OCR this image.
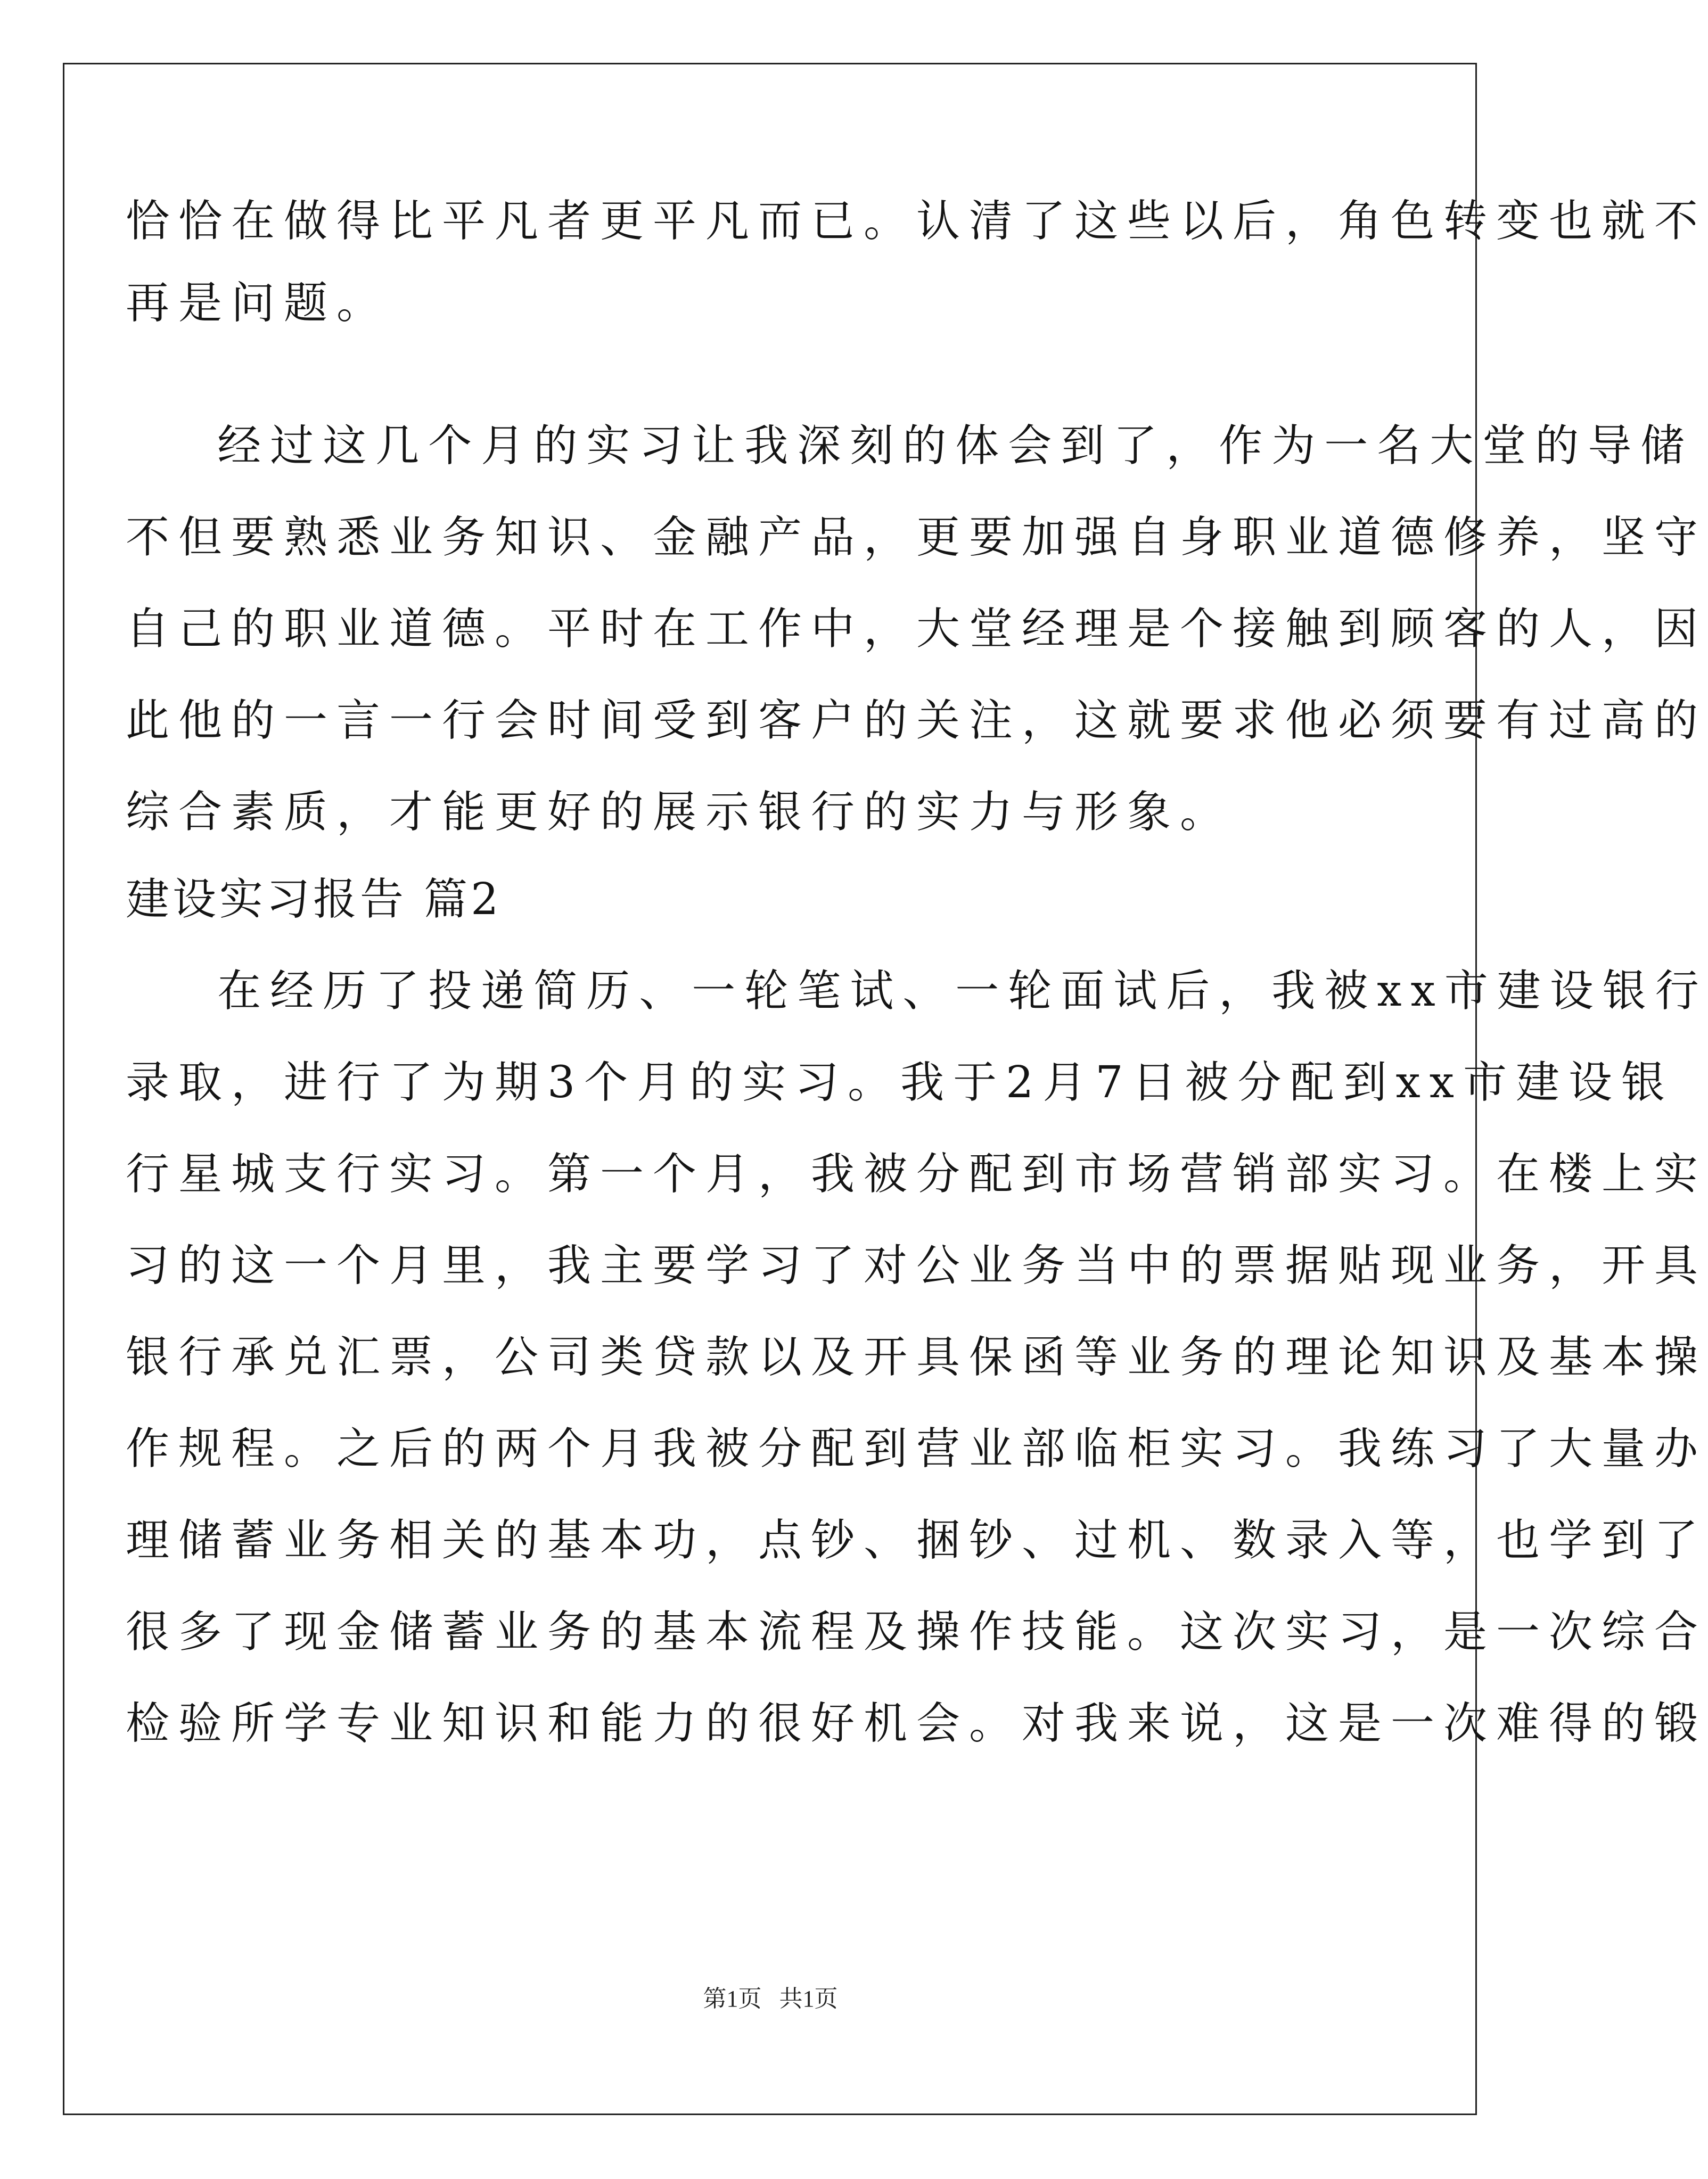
恰恰在做得比平凡者更平凡而已。认清了这些以后，角色转变也就不
再是问题。
经过这几个月的实习让我深刻的体会到了，作为一名大堂的导储
不但要熟悉业务知识、金融产品，更要加强自身职业道德修养，坚守
自己的职业道德。平时在工作中，大堂经理是个接触到顾客的人，因
此他的一言一行会时间受到客户的关注，这就要求他必须要有过高的
综合素质，才能更好的展示银行的实力与形象。
建设实习报告 篇2
在经历了投递简历、一轮笔试、一轮面试后，我被xx市建设银行
录取，进行了为期3个月的实习。我于2月7日被分配到xx市建设银
行星城支行实习。第一个月，我被分配到市场营销部实习。在楼上实
习的这一个月里，我主要学习了对公业务当中的票据贴现业务，开具
银行承兑汇票，公司类贷款以及开具保函等业务的理论知识及基本操
作规程。之后的两个月我被分配到营业部临柜实习。我练习了大量办
理储蓄业务相关的基本功，点钞、捆钞、过机、数录入等，也学到了
很多了现金储蓄业务的基本流程及操作技能。这次实习，是一次综合
检验所学专业知识和能力的很好机会。对我来说，这是一次难得的锻
第1页   共1页
